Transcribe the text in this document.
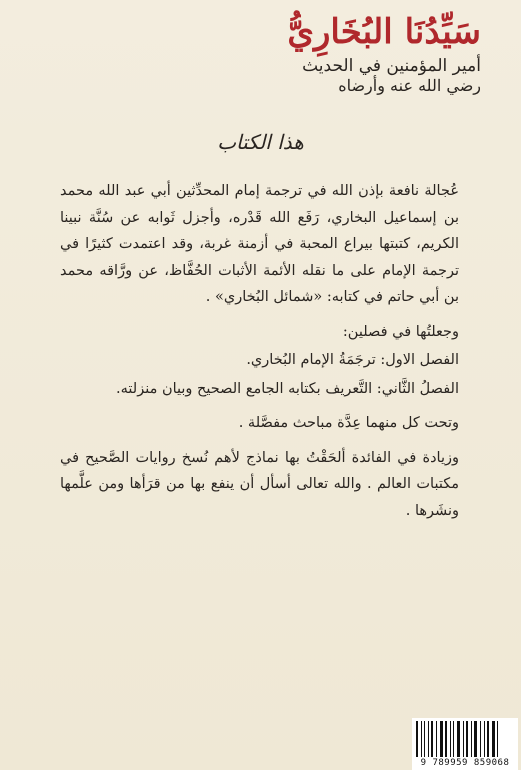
سَيِّدُنَا البُخَارِيُّ
أمير المؤمنين في الحديث
رضي الله عنه وأرضاه
هذا الكتاب

عُجالة نافعة بإذن الله في ترجمة إمام المحدِّثين أبي عبد الله محمد بن إسماعيل البخاري، رَفَع الله قَدْره، وأجزل ثَوابه عن سُنَّة نبينا الكريم، كتبتها بيراع المحبة في أزمنة غربة، وقد اعتمدت كثيرًا في ترجمة الإمام على ما نقله الأئمة الأثبات الحُفَّاظ، عن ورَّاقه محمد بن أبي حاتم في كتابه: «شمائل البُخاري» .

وجعلتُها في فصلين:

الفصل الاول: ترجَمَةُ الإمام البُخاري.

الفصلُ الثَّاني: التَّعريف بكتابه الجامع الصحيح وبيان منزلته.

وتحت كل منهما عِدَّة مباحث مفصَّلة .

وزيادة في الفائدة ألحَقْتُ بها نماذج لأهم نُسخ روايات الصَّحيح في مكتبات العالم . والله تعالى أسأل أن ينفع بها من قرَأها ومن علَّمها ونشَرها .

9 789959 859068
